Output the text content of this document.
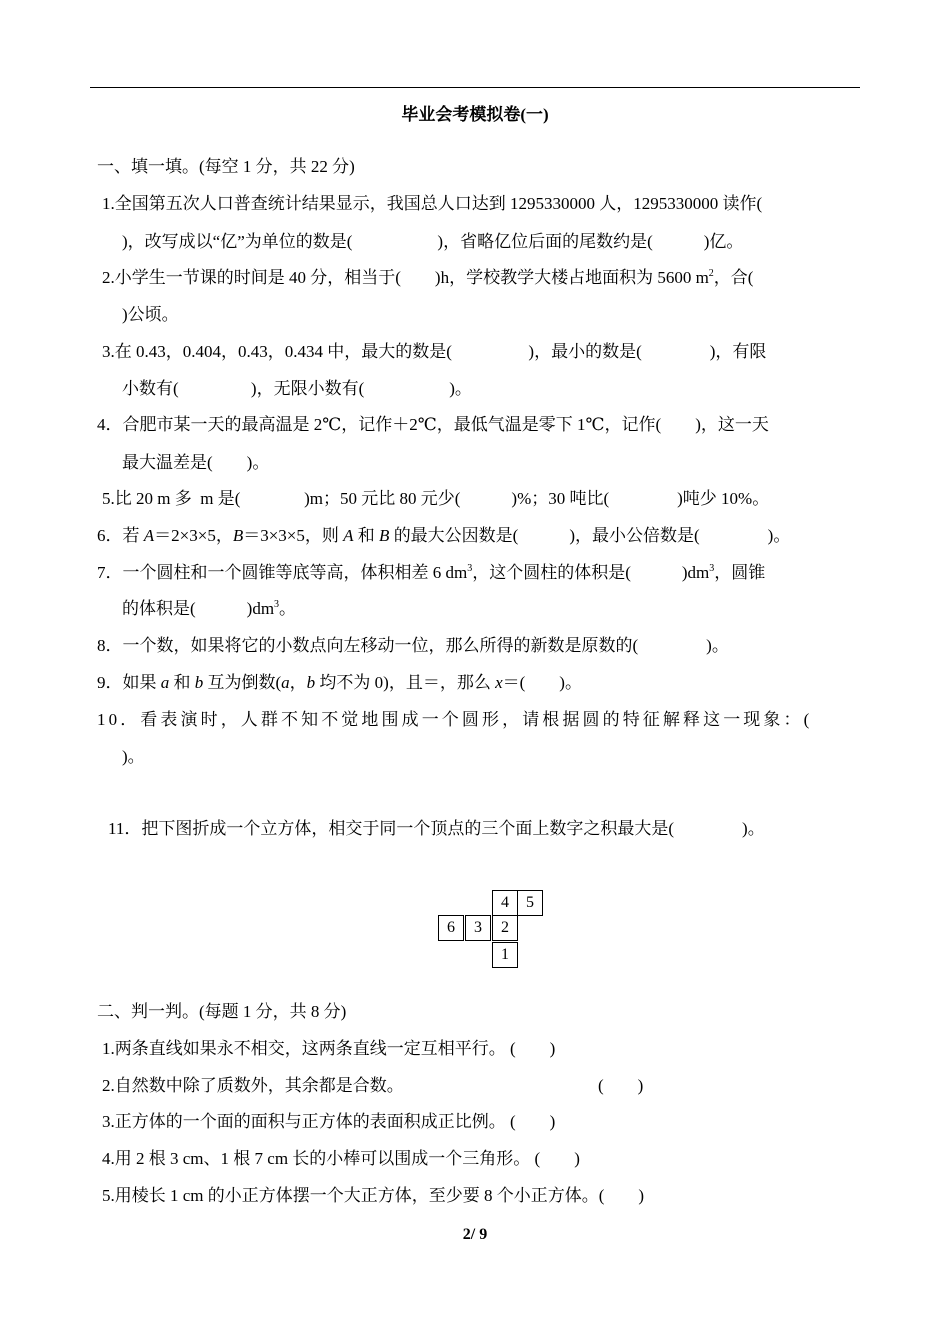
毕业会考模拟卷(一)
一、填一填。(每空 1 分，共 22 分)
1.全国第五次人口普查统计结果显示，我国总人口达到 1295330000 人，1295330000 读作(
)，改写成以“亿”为单位的数是(                    )，省略亿位后面的尾数约是(            )亿。
2.小学生一节课的时间是 40 分，相当于(        )h，学校教学大楼占地面积为 5600 $m^2$，合(
)公顷。
3.在 0.43，0.404，0.43，0.434 中，最大的数是(                  )，最小的数是(                )，有限
小数有(                 )，无限小数有(                    )。
4．合肥市某一天的最高温是 2℃，记作＋2℃，最低气温是零下 1℃，记作(        )，这一天
最大温差是(        )。
5.比 20 m 多  m 是(               )m；50 元比 80 元少(            )%；30 吨比(                )吨少 10%。
6．若 A＝2×3×5，B＝3×3×5，则 A 和 B 的最大公因数是(            )，最小公倍数是(                )。
7．一个圆柱和一个圆锥等底等高，体积相差 6 $dm^3$，这个圆柱的体积是(            )$dm^3$，圆锥
的体积是(            )$dm^3$。
8．一个数，如果将它的小数点向左移动一位，那么所得的新数是原数的(                )。
9．如果 a 和 b 互为倒数(a，b 均不为 0)，且＝，那么 x＝(        )。
10．看表演时，人群不知不觉地围成一个圆形，请根据圆的特征解释这一现象：(
)。
11．把下图折成一个立方体，相交于同一个顶点的三个面上数字之积最大是(                )。
4	5
6	3	2
1
二、判一判。(每题 1 分，共 8 分)
1.两条直线如果永不相交，这两条直线一定互相平行。 (        )
2.自然数中除了质数外，其余都是合数。	(        )
3.正方体的一个面的面积与正方体的表面积成正比例。 (        )
4.用 2 根 3 cm、1 根 7 cm 长的小棒可以围成一个三角形。 (        )
5.用棱长 1 cm 的小正方体摆一个大正方体，至少要 8 个小正方体。(        )
2/ 9
